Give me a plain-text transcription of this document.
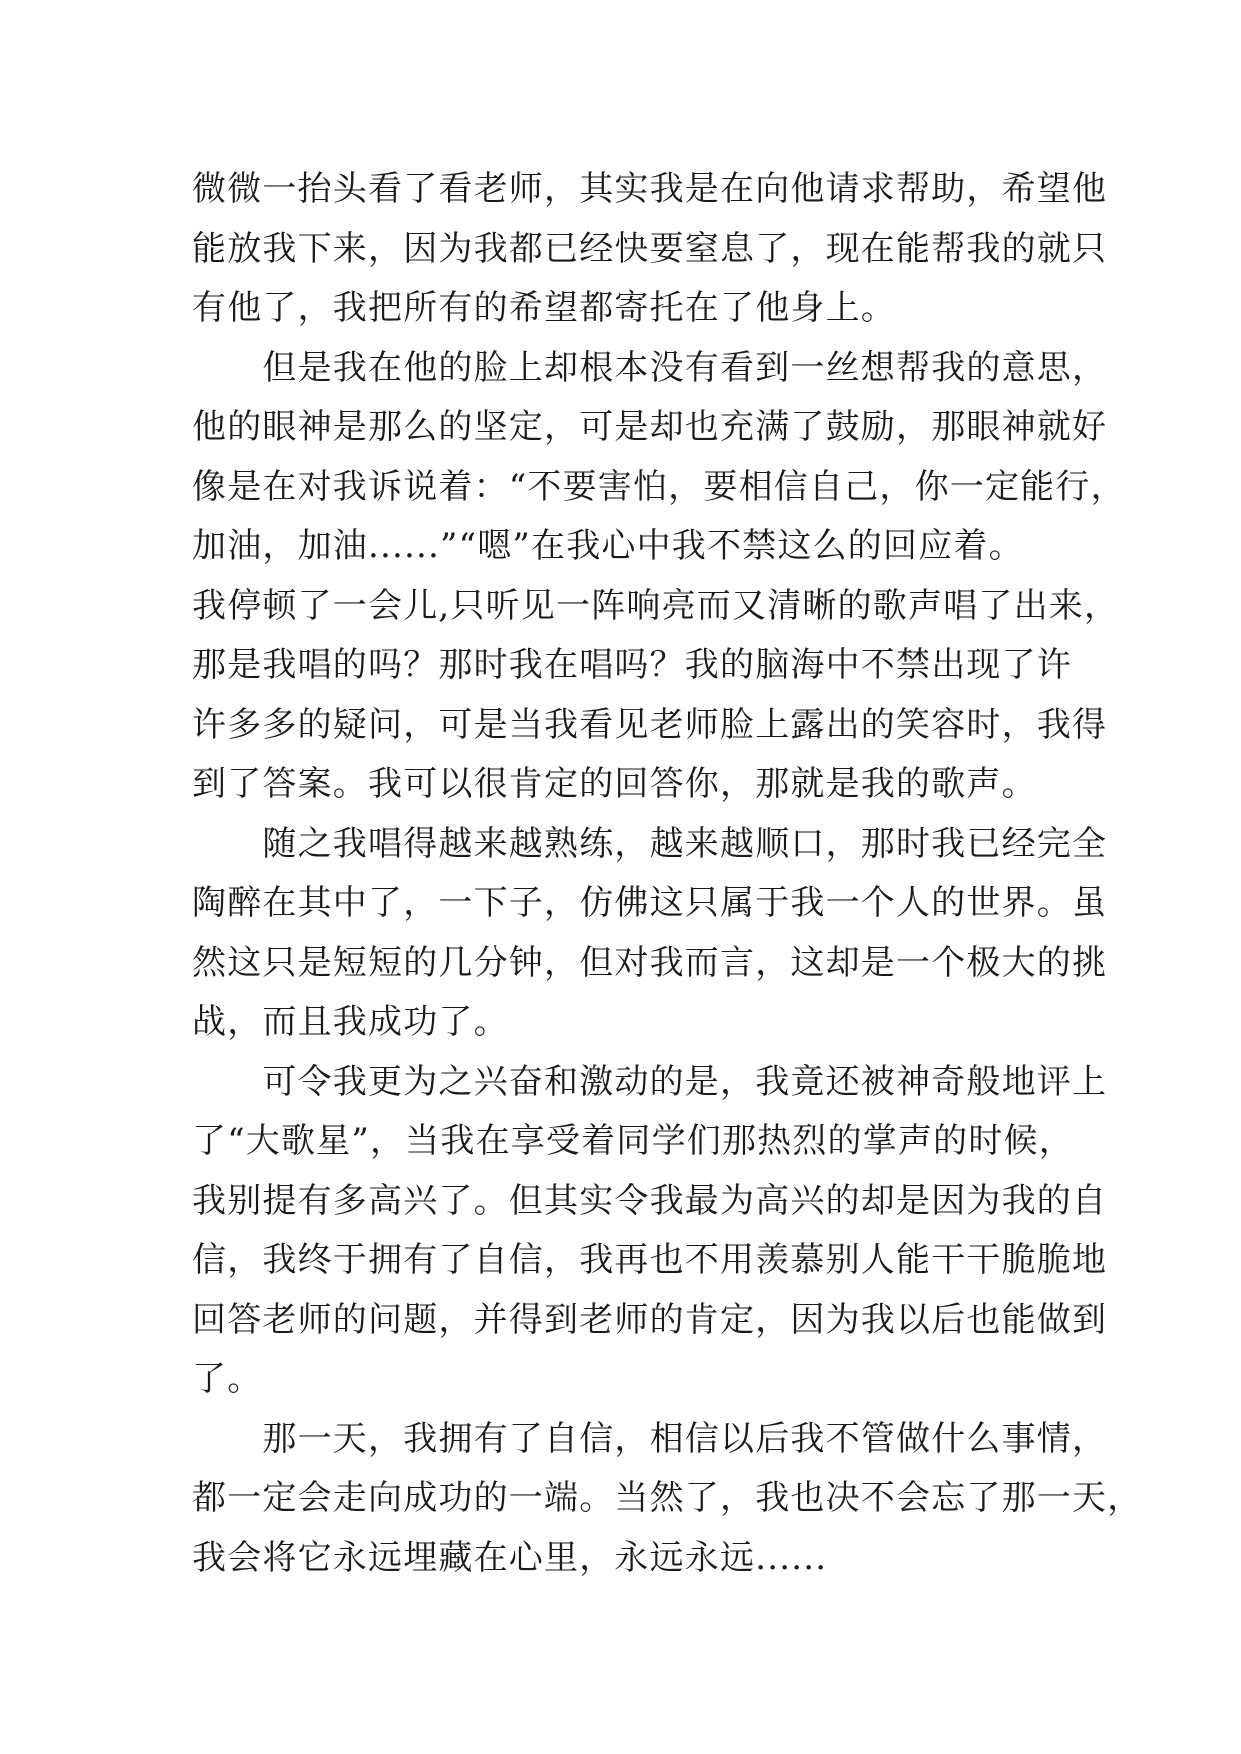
微微一抬头看了看老师，其实我是在向他请求帮助，希望他
能放我下来，因为我都已经快要窒息了，现在能帮我的就只
有他了，我把所有的希望都寄托在了他身上。
　　但是我在他的脸上却根本没有看到一丝想帮我的意思，
他的眼神是那么的坚定，可是却也充满了鼓励，那眼神就好
像是在对我诉说着：“不要害怕，要相信自己，你一定能行，
加油，加油......”“嗯”在我心中我不禁这么的回应着。
我停顿了一会儿,只听见一阵响亮而又清晰的歌声唱了出来，
那是我唱的吗？那时我在唱吗？我的脑海中不禁出现了许
许多多的疑问，可是当我看见老师脸上露出的笑容时，我得
到了答案。我可以很肯定的回答你，那就是我的歌声。
　　随之我唱得越来越熟练，越来越顺口，那时我已经完全
陶醉在其中了，一下子，仿佛这只属于我一个人的世界。虽
然这只是短短的几分钟，但对我而言，这却是一个极大的挑
战，而且我成功了。
　　可令我更为之兴奋和激动的是，我竟还被神奇般地评上
了“大歌星”，当我在享受着同学们那热烈的掌声的时候，
我别提有多高兴了。但其实令我最为高兴的却是因为我的自
信，我终于拥有了自信，我再也不用羡慕别人能干干脆脆地
回答老师的问题，并得到老师的肯定，因为我以后也能做到
了。
　　那一天，我拥有了自信，相信以后我不管做什么事情，
都一定会走向成功的一端。当然了，我也决不会忘了那一天，
我会将它永远埋藏在心里，永远永远......
